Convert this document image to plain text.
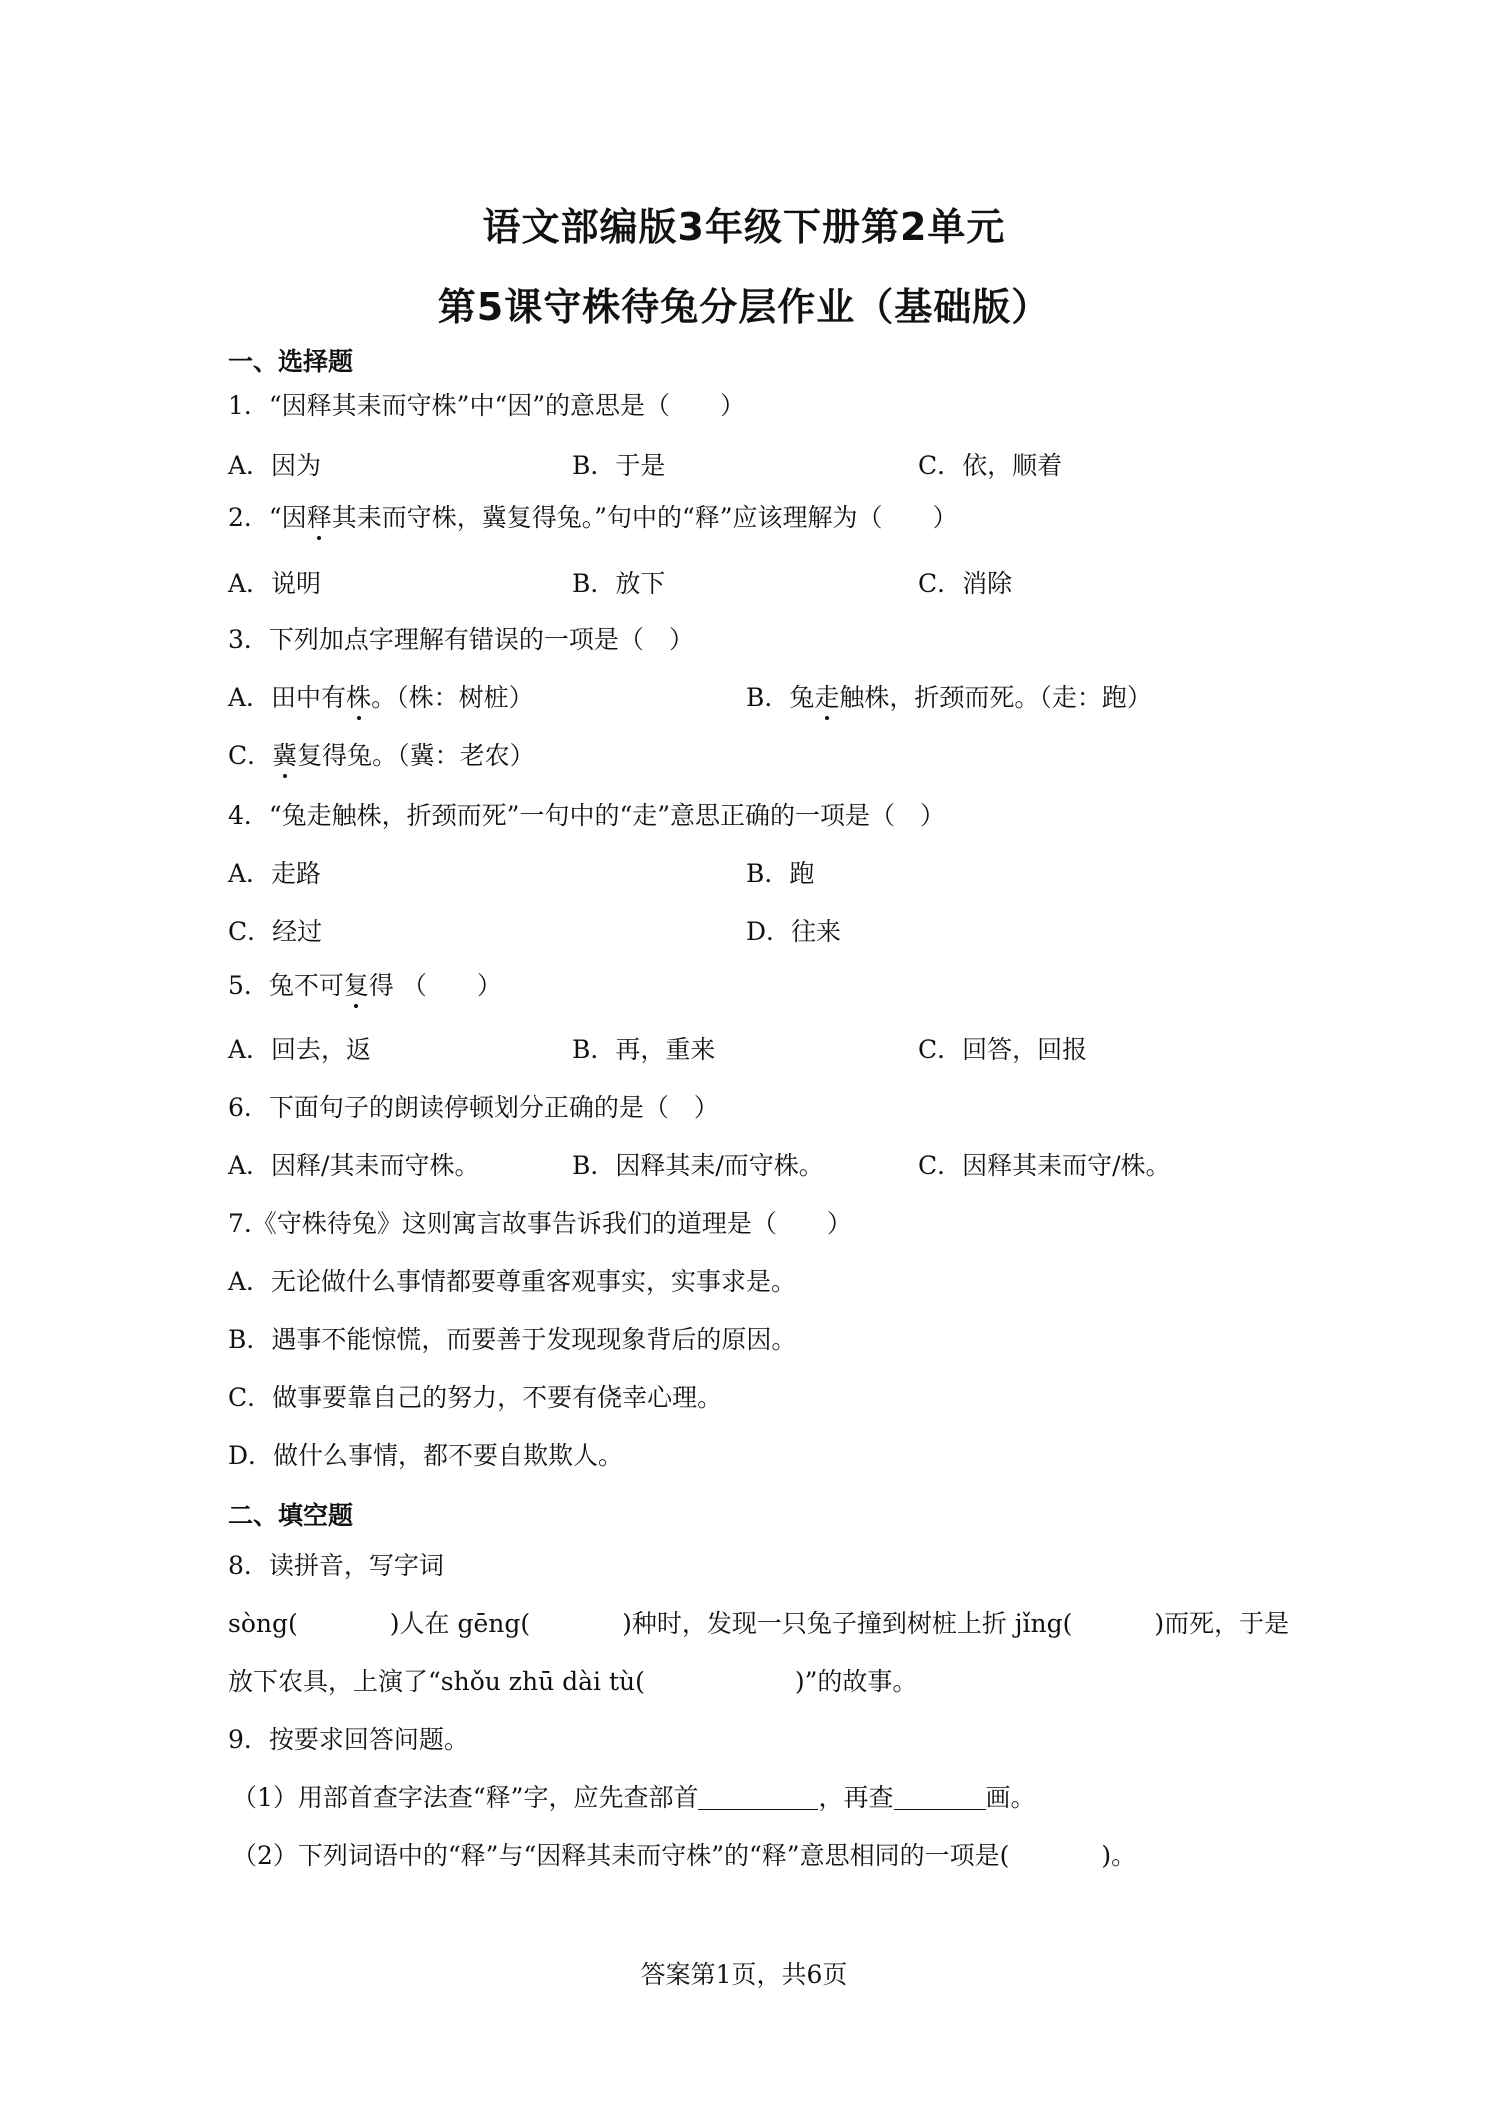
语文部编版3年级下册第2单元
第5课守株待兔分层作业（基础版）
一、选择题
1．“因释其耒而守株”中“因”的意思是（　　）
A．因为	B．于是	C．依，顺着
2．“因释其耒而守株，冀复得兔。”句中的“释”应该理解为（　　）
A．说明	B．放下	C．消除
3．下列加点字理解有错误的一项是（　）
A．田中有株。（株：树桩）	B．兔走触株，折颈而死。（走：跑）
C．冀复得兔。（冀：老农）
4．“兔走触株，折颈而死”一句中的“走”意思正确的一项是（　）
A．走路	B．跑
C．经过	D．往来
5．兔不可复得 （　　）
A．回去，返	B．再，重来	C．回答，回报
6．下面句子的朗读停顿划分正确的是（　）
A．因释/其耒而守株。	B．因释其耒/而守株。	C．因释其耒而守/株。
7.《守株待兔》这则寓言故事告诉我们的道理是（　　）
A．无论做什么事情都要尊重客观事实，实事求是。
B．遇事不能惊慌，而要善于发现现象背后的原因。
C．做事要靠自己的努力，不要有侥幸心理。
D．做什么事情，都不要自欺欺人。
二、填空题
8．读拼音，写字词
sòng(	)人在 gēng(	)种时，发现一只兔子撞到树桩上折 jǐng(	)而死，于是
放下农具，上演了“shǒu zhū dài tù(	)”的故事。
9．按要求回答问题。
（1）用部首查字法查“释”字，应先查部首	，再查	画。
（2）下列词语中的“释”与“因释其耒而守株”的“释”意思相同的一项是(	)。
答案第1页，共6页
